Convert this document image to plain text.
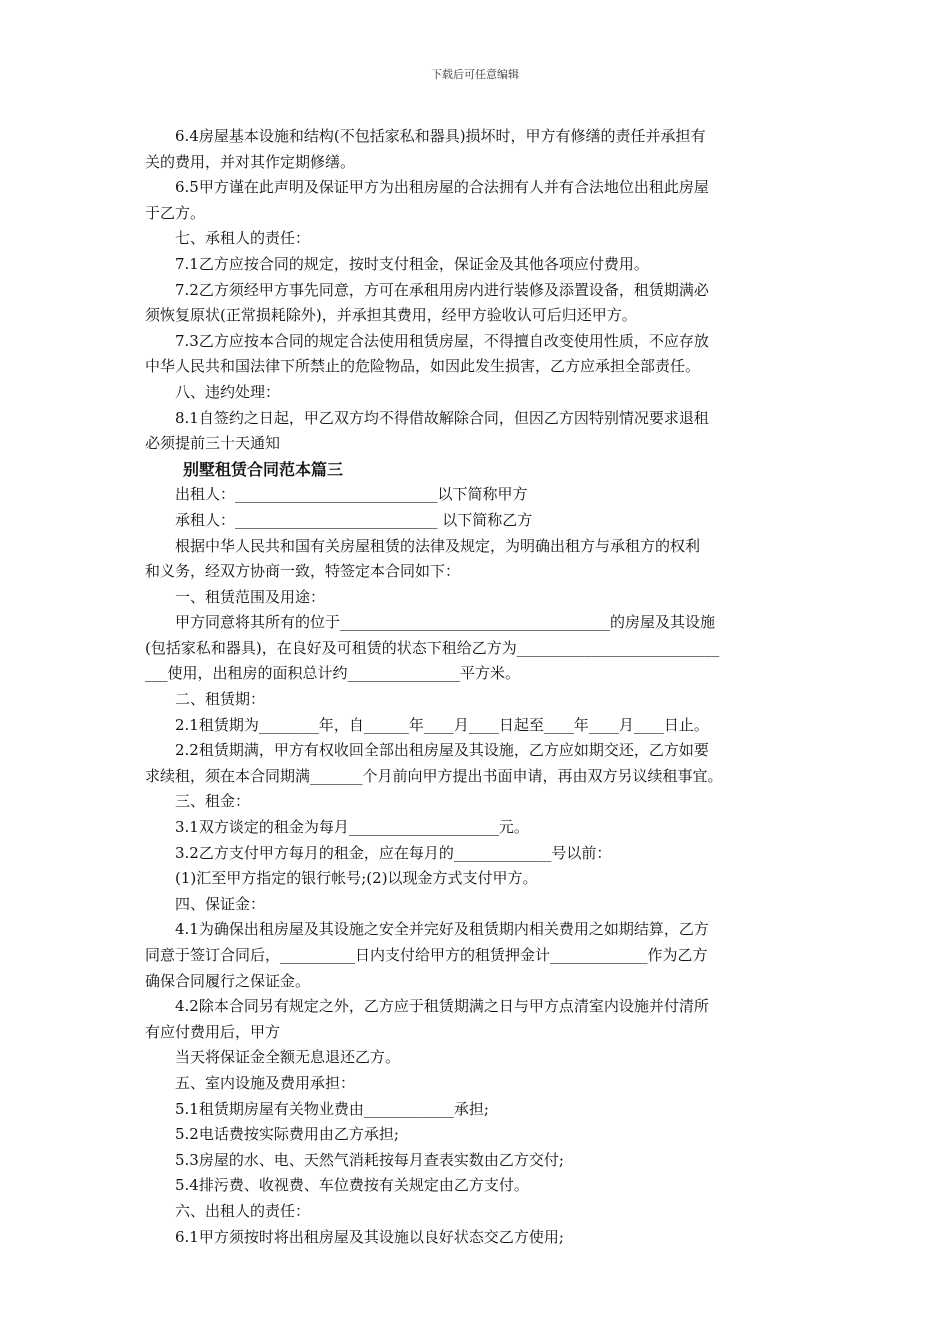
下载后可任意编辑
6.4房屋基本设施和结构(不包括家私和器具)损坏时，甲方有修缮的责任并承担有
关的费用，并对其作定期修缮。
6.5甲方谨在此声明及保证甲方为出租房屋的合法拥有人并有合法地位出租此房屋
于乙方。
七、承租人的责任：
7.1乙方应按合同的规定，按时支付租金，保证金及其他各项应付费用。
7.2乙方须经甲方事先同意，方可在承租用房内进行装修及添置设备，租赁期满必
须恢复原状(正常损耗除外)，并承担其费用，经甲方验收认可后归还甲方。
7.3乙方应按本合同的规定合法使用租赁房屋，不得擅自改变使用性质，不应存放
中华人民共和国法律下所禁止的危险物品，如因此发生损害，乙方应承担全部责任。
八、违约处理：
8.1自签约之日起，甲乙双方均不得借故解除合同，但因乙方因特别情况要求退租
必须提前三十天通知
别墅租赁合同范本篇三
出租人：___________________________以下简称甲方
承租人：___________________________ 以下简称乙方
根据中华人民共和国有关房屋租赁的法律及规定，为明确出租方与承租方的权利
和义务，经双方协商一致，特签定本合同如下：
一、租赁范围及用途：
甲方同意将其所有的位于____________________________________的房屋及其设施
(包括家私和器具)，在良好及可租赁的状态下租给乙方为___________________________
___使用，出租房的面积总计约_______________平方米。
二、租赁期：
2.1租赁期为________年，自______年____月____日起至____年____月____日止。
2.2租赁期满，甲方有权收回全部出租房屋及其设施，乙方应如期交还，乙方如要
求续租，须在本合同期满_______个月前向甲方提出书面申请，再由双方另议续租事宜。
三、租金：
3.1双方谈定的租金为每月____________________元。
3.2乙方支付甲方每月的租金，应在每月的_____________号以前：
(1)汇至甲方指定的银行帐号;(2)以现金方式支付甲方。
四、保证金：
4.1为确保出租房屋及其设施之安全并完好及租赁期内相关费用之如期结算，乙方
同意于签订合同后，__________日内支付给甲方的租赁押金计_____________作为乙方
确保合同履行之保证金。
4.2除本合同另有规定之外，乙方应于租赁期满之日与甲方点清室内设施并付清所
有应付费用后，甲方
当天将保证金全额无息退还乙方。
五、室内设施及费用承担：
5.1租赁期房屋有关物业费由____________承担;
5.2电话费按实际费用由乙方承担;
5.3房屋的水、电、天然气消耗按每月查表实数由乙方交付;
5.4排污费、收视费、车位费按有关规定由乙方支付。
六、出租人的责任：
6.1甲方须按时将出租房屋及其设施以良好状态交乙方使用;
